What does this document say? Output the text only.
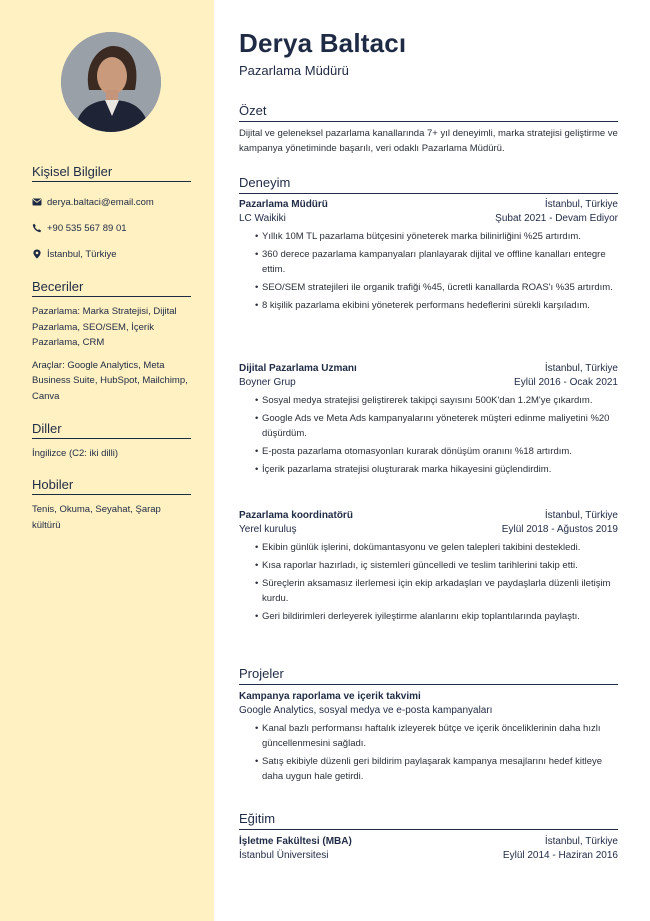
Kişisel Bilgiler
derya.baltaci@email.com
+90 535 567 89 01
İstanbul, Türkiye
Beceriler
Pazarlama: Marka Stratejisi, Dijital Pazarlama, SEO/SEM, İçerik Pazarlama, CRM
Araçlar: Google Analytics, Meta Business Suite, HubSpot, Mailchimp, Canva
Diller
İngilizce (C2: iki dilli)
Hobiler
Tenis, Okuma, Seyahat, Şarap kültürü
Derya Baltacı
Pazarlama Müdürü
Özet
Dijital ve geleneksel pazarlama kanallarında 7+ yıl deneyimli, marka stratejisi geliştirme ve kampanya yönetiminde başarılı, veri odaklı Pazarlama Müdürü.
Deneyim
Pazarlama Müdürü	İstanbul, Türkiye
LC Waikiki	Şubat 2021 - Devam Ediyor
• Yıllık 10M TL pazarlama bütçesini yöneterek marka bilinirliğini %25 artırdım.
• 360 derece pazarlama kampanyaları planlayarak dijital ve offline kanalları entegre ettim.
• SEO/SEM stratejileri ile organik trafiği %45, ücretli kanallarda ROAS'ı %35 artırdım.
• 8 kişilik pazarlama ekibini yöneterek performans hedeflerini sürekli karşıladım.
Dijital Pazarlama Uzmanı	İstanbul, Türkiye
Boyner Grup	Eylül 2016 - Ocak 2021
• Sosyal medya stratejisi geliştirerek takipçi sayısını 500K'dan 1.2M'ye çıkardım.
• Google Ads ve Meta Ads kampanyalarını yöneterek müşteri edinme maliyetini %20 düşürdüm.
• E-posta pazarlama otomasyonları kurarak dönüşüm oranını %18 artırdım.
• İçerik pazarlama stratejisi oluşturarak marka hikayesini güçlendirdim.
Pazarlama koordinatörü	İstanbul, Türkiye
Yerel kuruluş	Eylül 2018 - Ağustos 2019
• Ekibin günlük işlerini, dokümantasyonu ve gelen talepleri takibini destekledi.
• Kısa raporlar hazırladı, iç sistemleri güncelledi ve teslim tarihlerini takip etti.
• Süreçlerin aksamasız ilerlemesi için ekip arkadaşları ve paydaşlarla düzenli iletişim kurdu.
• Geri bildirimleri derleyerek iyileştirme alanlarını ekip toplantılarında paylaştı.
Projeler
Kampanya raporlama ve içerik takvimi
Google Analytics, sosyal medya ve e-posta kampanyaları
• Kanal bazlı performansı haftalık izleyerek bütçe ve içerik önceliklerinin daha hızlı güncellenmesini sağladı.
• Satış ekibiyle düzenli geri bildirim paylaşarak kampanya mesajlarını hedef kitleye daha uygun hale getirdi.
Eğitim
İşletme Fakültesi (MBA)	İstanbul, Türkiye
İstanbul Üniversitesi	Eylül 2014 - Haziran 2016
